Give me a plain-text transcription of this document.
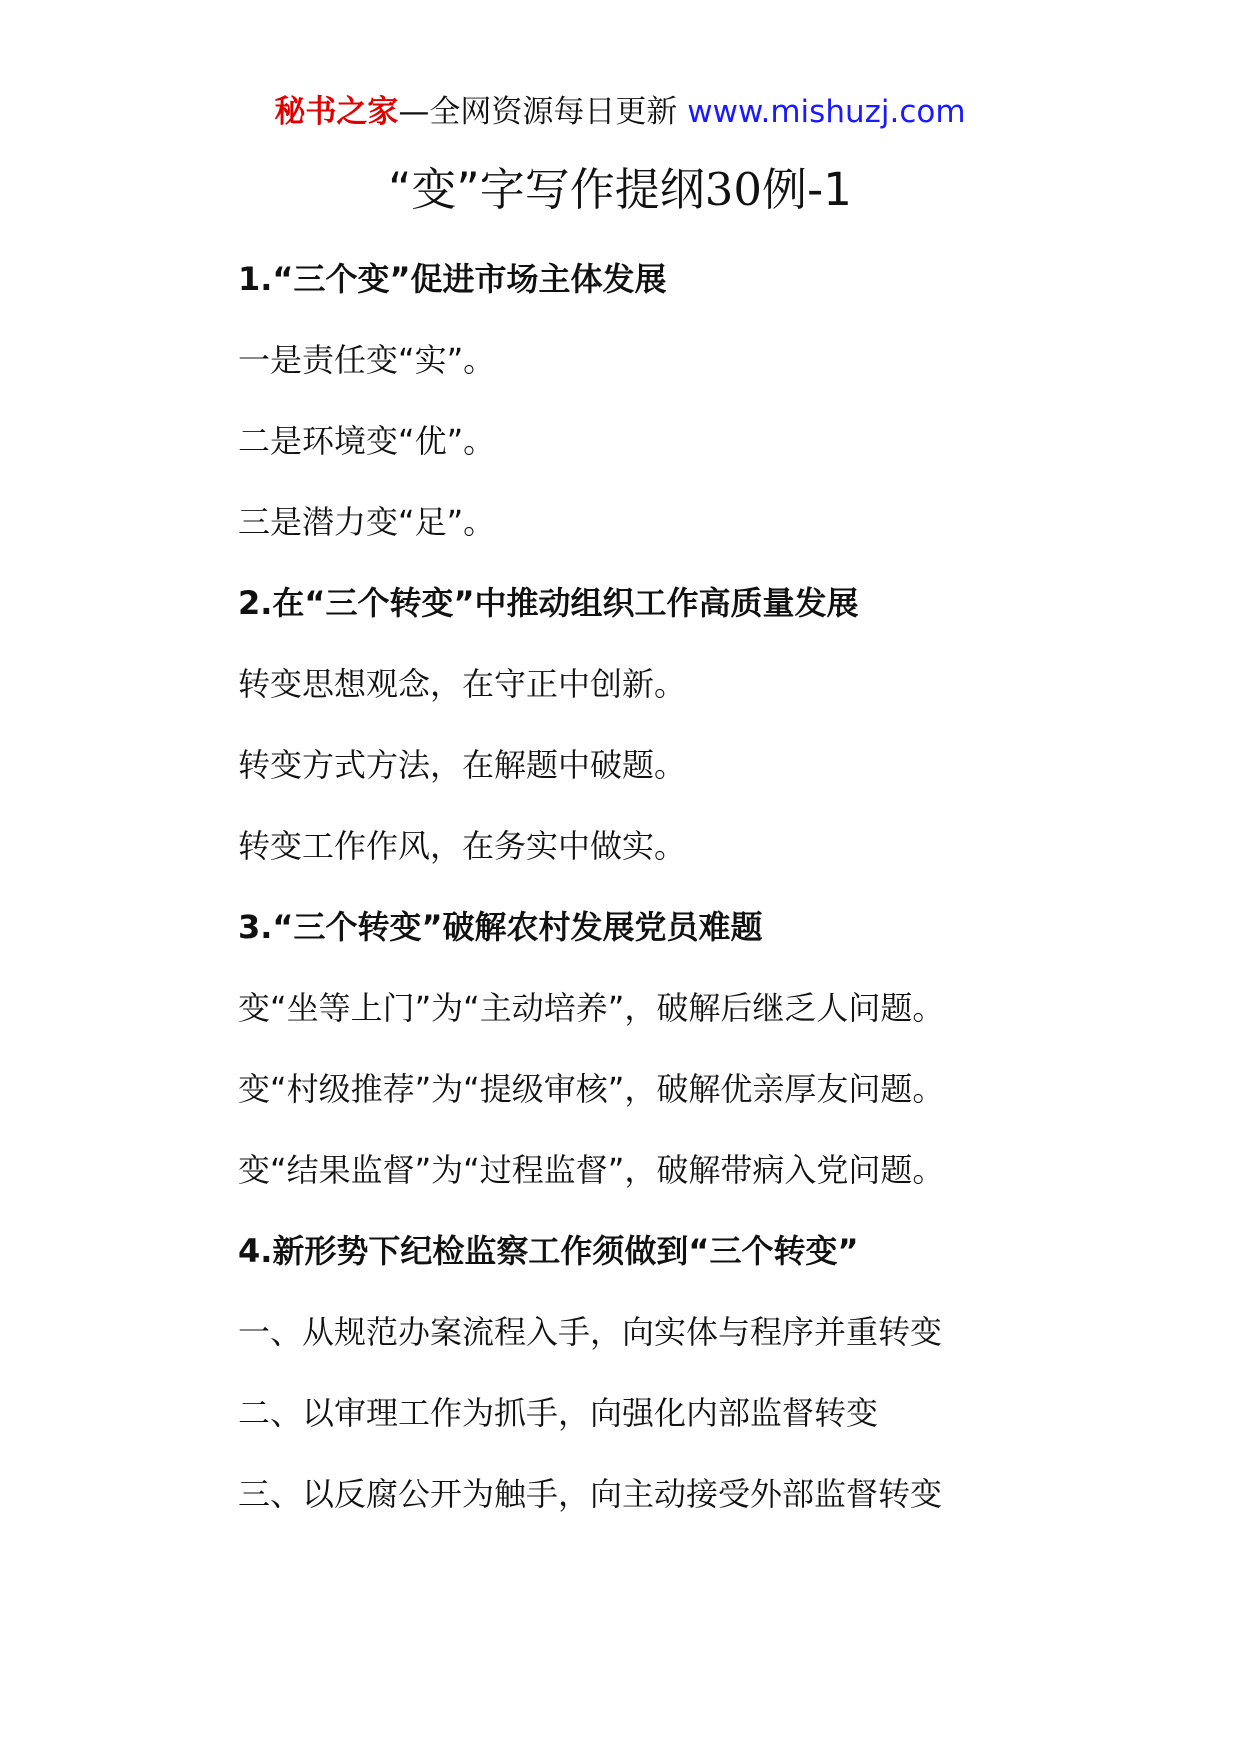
秘书之家—全网资源每日更新 www.mishuzj.com
“变”字写作提纲30例-1
1.“三个变”促进市场主体发展
一是责任变“实”。
二是环境变“优”。
三是潜力变“足”。
2.在“三个转变”中推动组织工作高质量发展
转变思想观念，在守正中创新。
转变方式方法，在解题中破题。
转变工作作风，在务实中做实。
3.“三个转变”破解农村发展党员难题
变“坐等上门”为“主动培养”，破解后继乏人问题。
变“村级推荐”为“提级审核”，破解优亲厚友问题。
变“结果监督”为“过程监督”，破解带病入党问题。
4.新形势下纪检监察工作须做到“三个转变”
一、从规范办案流程入手，向实体与程序并重转变
二、以审理工作为抓手，向强化内部监督转变
三、以反腐公开为触手，向主动接受外部监督转变
